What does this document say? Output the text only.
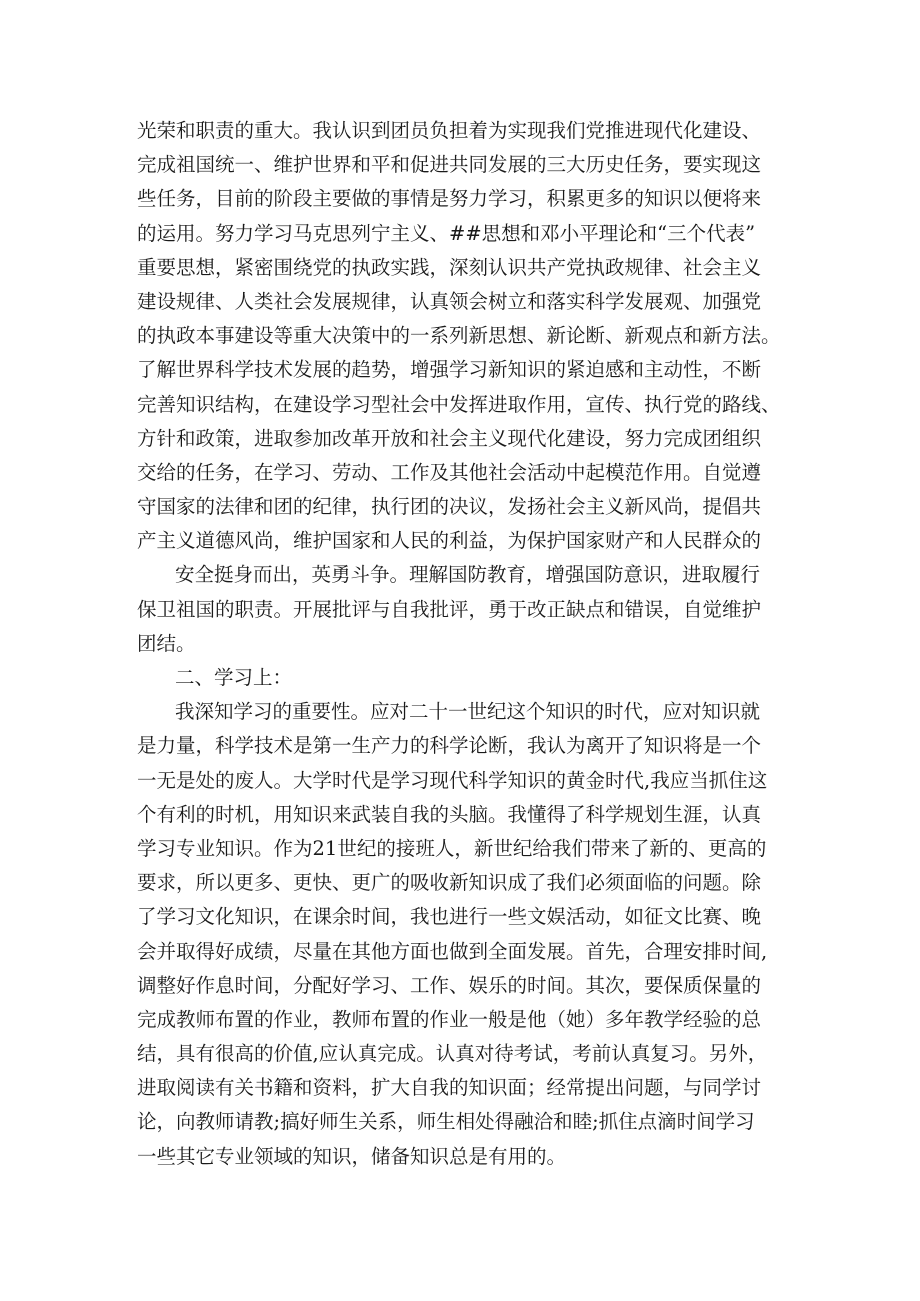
光荣和职责的重大。我认识到团员负担着为实现我们党推进现代化建设、
完成祖国统一、维护世界和平和促进共同发展的三大历史任务，要实现这
些任务，目前的阶段主要做的事情是努力学习，积累更多的知识以便将来
的运用。努力学习马克思列宁主义、##思想和邓小平理论和“三个代表”
重要思想，紧密围绕党的执政实践，深刻认识共产党执政规律、社会主义
建设规律、人类社会发展规律，认真领会树立和落实科学发展观、加强党
的执政本事建设等重大决策中的一系列新思想、新论断、新观点和新方法。
了解世界科学技术发展的趋势，增强学习新知识的紧迫感和主动性，不断
完善知识结构，在建设学习型社会中发挥进取作用，宣传、执行党的路线、
方针和政策，进取参加改革开放和社会主义现代化建设，努力完成团组织
交给的任务，在学习、劳动、工作及其他社会活动中起模范作用。自觉遵
守国家的法律和团的纪律，执行团的决议，发扬社会主义新风尚，提倡共
产主义道德风尚，维护国家和人民的利益，为保护国家财产和人民群众的
安全挺身而出，英勇斗争。理解国防教育，增强国防意识，进取履行
保卫祖国的职责。开展批评与自我批评，勇于改正缺点和错误，自觉维护
团结。
二、学习上：
我深知学习的重要性。应对二十一世纪这个知识的时代，应对知识就
是力量，科学技术是第一生产力的科学论断，我认为离开了知识将是一个
一无是处的废人。大学时代是学习现代科学知识的黄金时代,我应当抓住这
个有利的时机，用知识来武装自我的头脑。我懂得了科学规划生涯，认真
学习专业知识。作为21世纪的接班人，新世纪给我们带来了新的、更高的
要求，所以更多、更快、更广的吸收新知识成了我们必须面临的问题。除
了学习文化知识，在课余时间，我也进行一些文娱活动，如征文比赛、晚
会并取得好成绩，尽量在其他方面也做到全面发展。首先，合理安排时间,
调整好作息时间，分配好学习、工作、娱乐的时间。其次，要保质保量的
完成教师布置的作业，教师布置的作业一般是他（她）多年教学经验的总
结，具有很高的价值,应认真完成。认真对待考试，考前认真复习。另外，
进取阅读有关书籍和资料，扩大自我的知识面；经常提出问题，与同学讨
论，向教师请教;搞好师生关系，师生相处得融洽和睦;抓住点滴时间学习
一些其它专业领域的知识，储备知识总是有用的。
